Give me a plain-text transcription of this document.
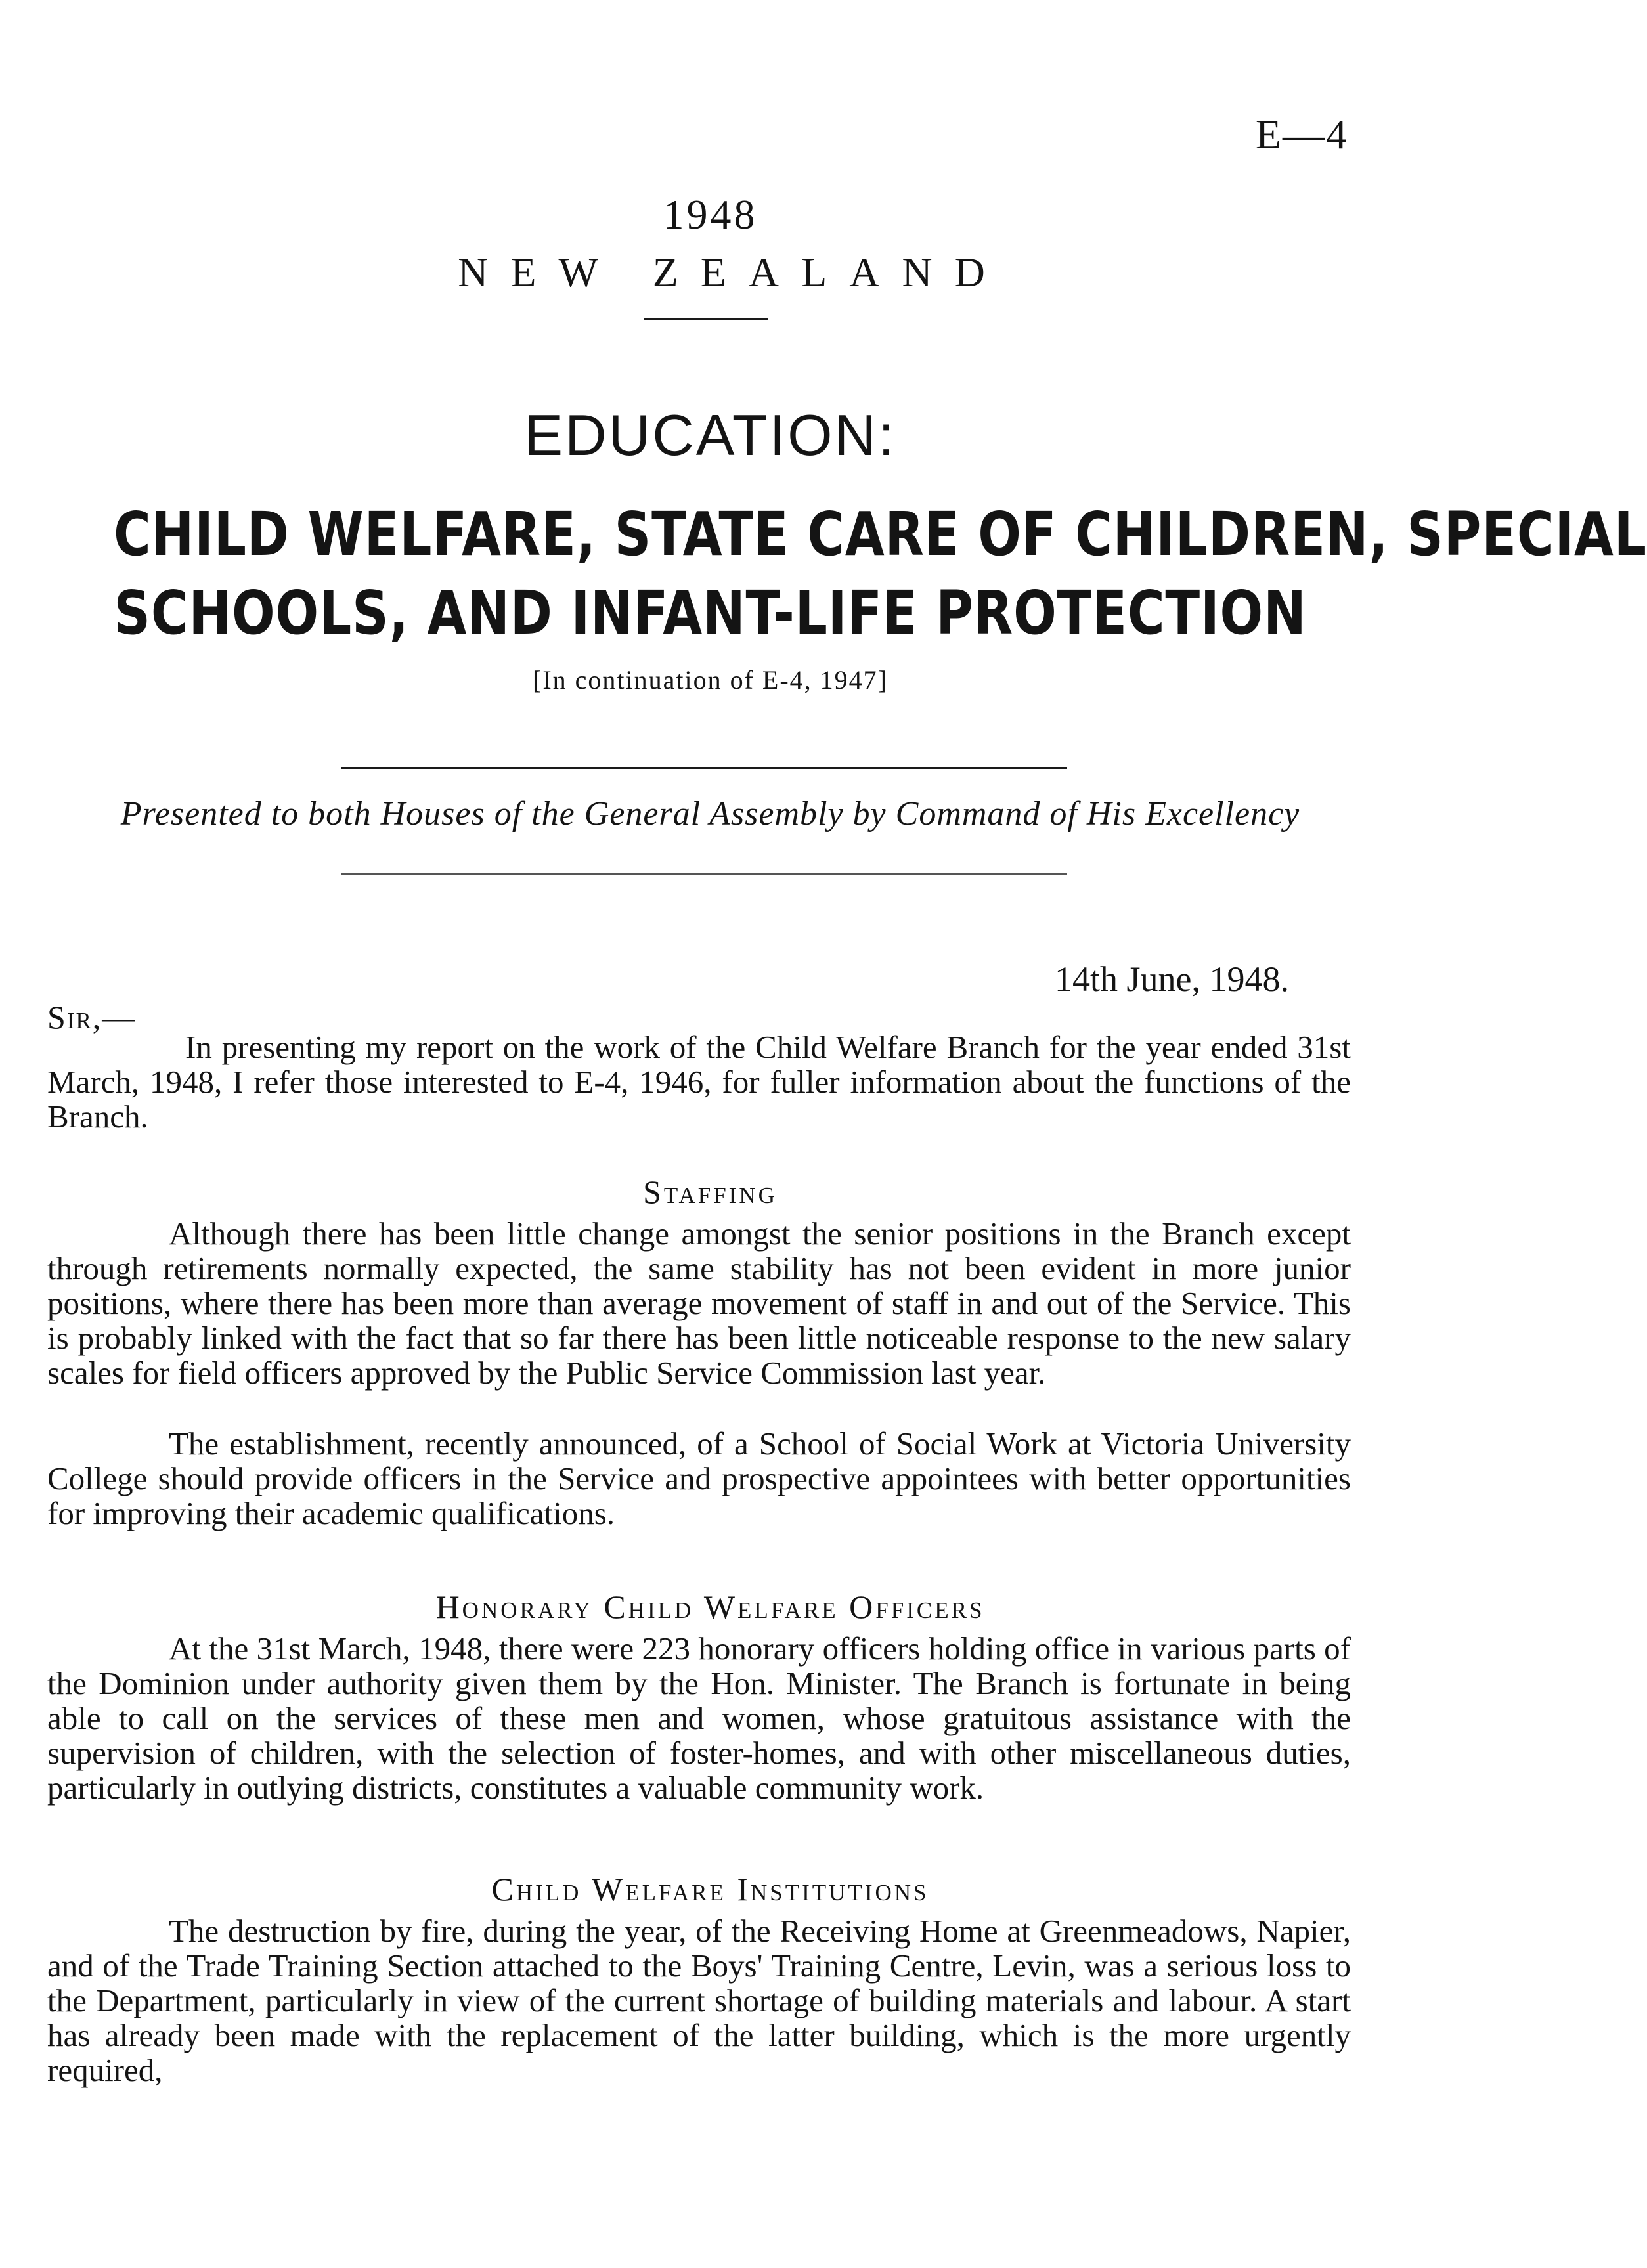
E—4
1948
NEW ZEALAND
EDUCATION:
CHILD WELFARE, STATE CARE OF CHILDREN, SPECIAL
SCHOOLS, AND INFANT-LIFE PROTECTION
[In continuation of E-4, 1947]
Presented to both Houses of the General Assembly by Command of His Excellency
14th June, 1948.
Sir,—

In presenting my report on the work of the Child Welfare Branch for the year ended 31st March, 1948, I refer those interested to E-4, 1946, for fuller information about the functions of the Branch.

Staffing

Although there has been little change amongst the senior positions in the Branch except through retirements normally expected, the same stability has not been evident in more junior positions, where there has been more than average movement of staff in and out of the Service. This is probably linked with the fact that so far there has been little noticeable response to the new salary scales for field officers approved by the Public Service Commission last year.

The establishment, recently announced, of a School of Social Work at Victoria University College should provide officers in the Service and prospective appointees with better opportunities for improving their academic qualifications.

Honorary Child Welfare Officers

At the 31st March, 1948, there were 223 honorary officers holding office in various parts of the Dominion under authority given them by the Hon. Minister. The Branch is fortunate in being able to call on the services of these men and women, whose gratuitous assistance with the supervision of children, with the selection of foster-homes, and with other miscellaneous duties, particularly in outlying districts, constitutes a valuable community work.

Child Welfare Institutions

The destruction by fire, during the year, of the Receiving Home at Greenmeadows, Napier, and of the Trade Training Section attached to the Boys' Training Centre, Levin, was a serious loss to the Department, particularly in view of the current shortage of building materials and labour. A start has already been made with the replacement of the latter building, which is the more urgently required,
